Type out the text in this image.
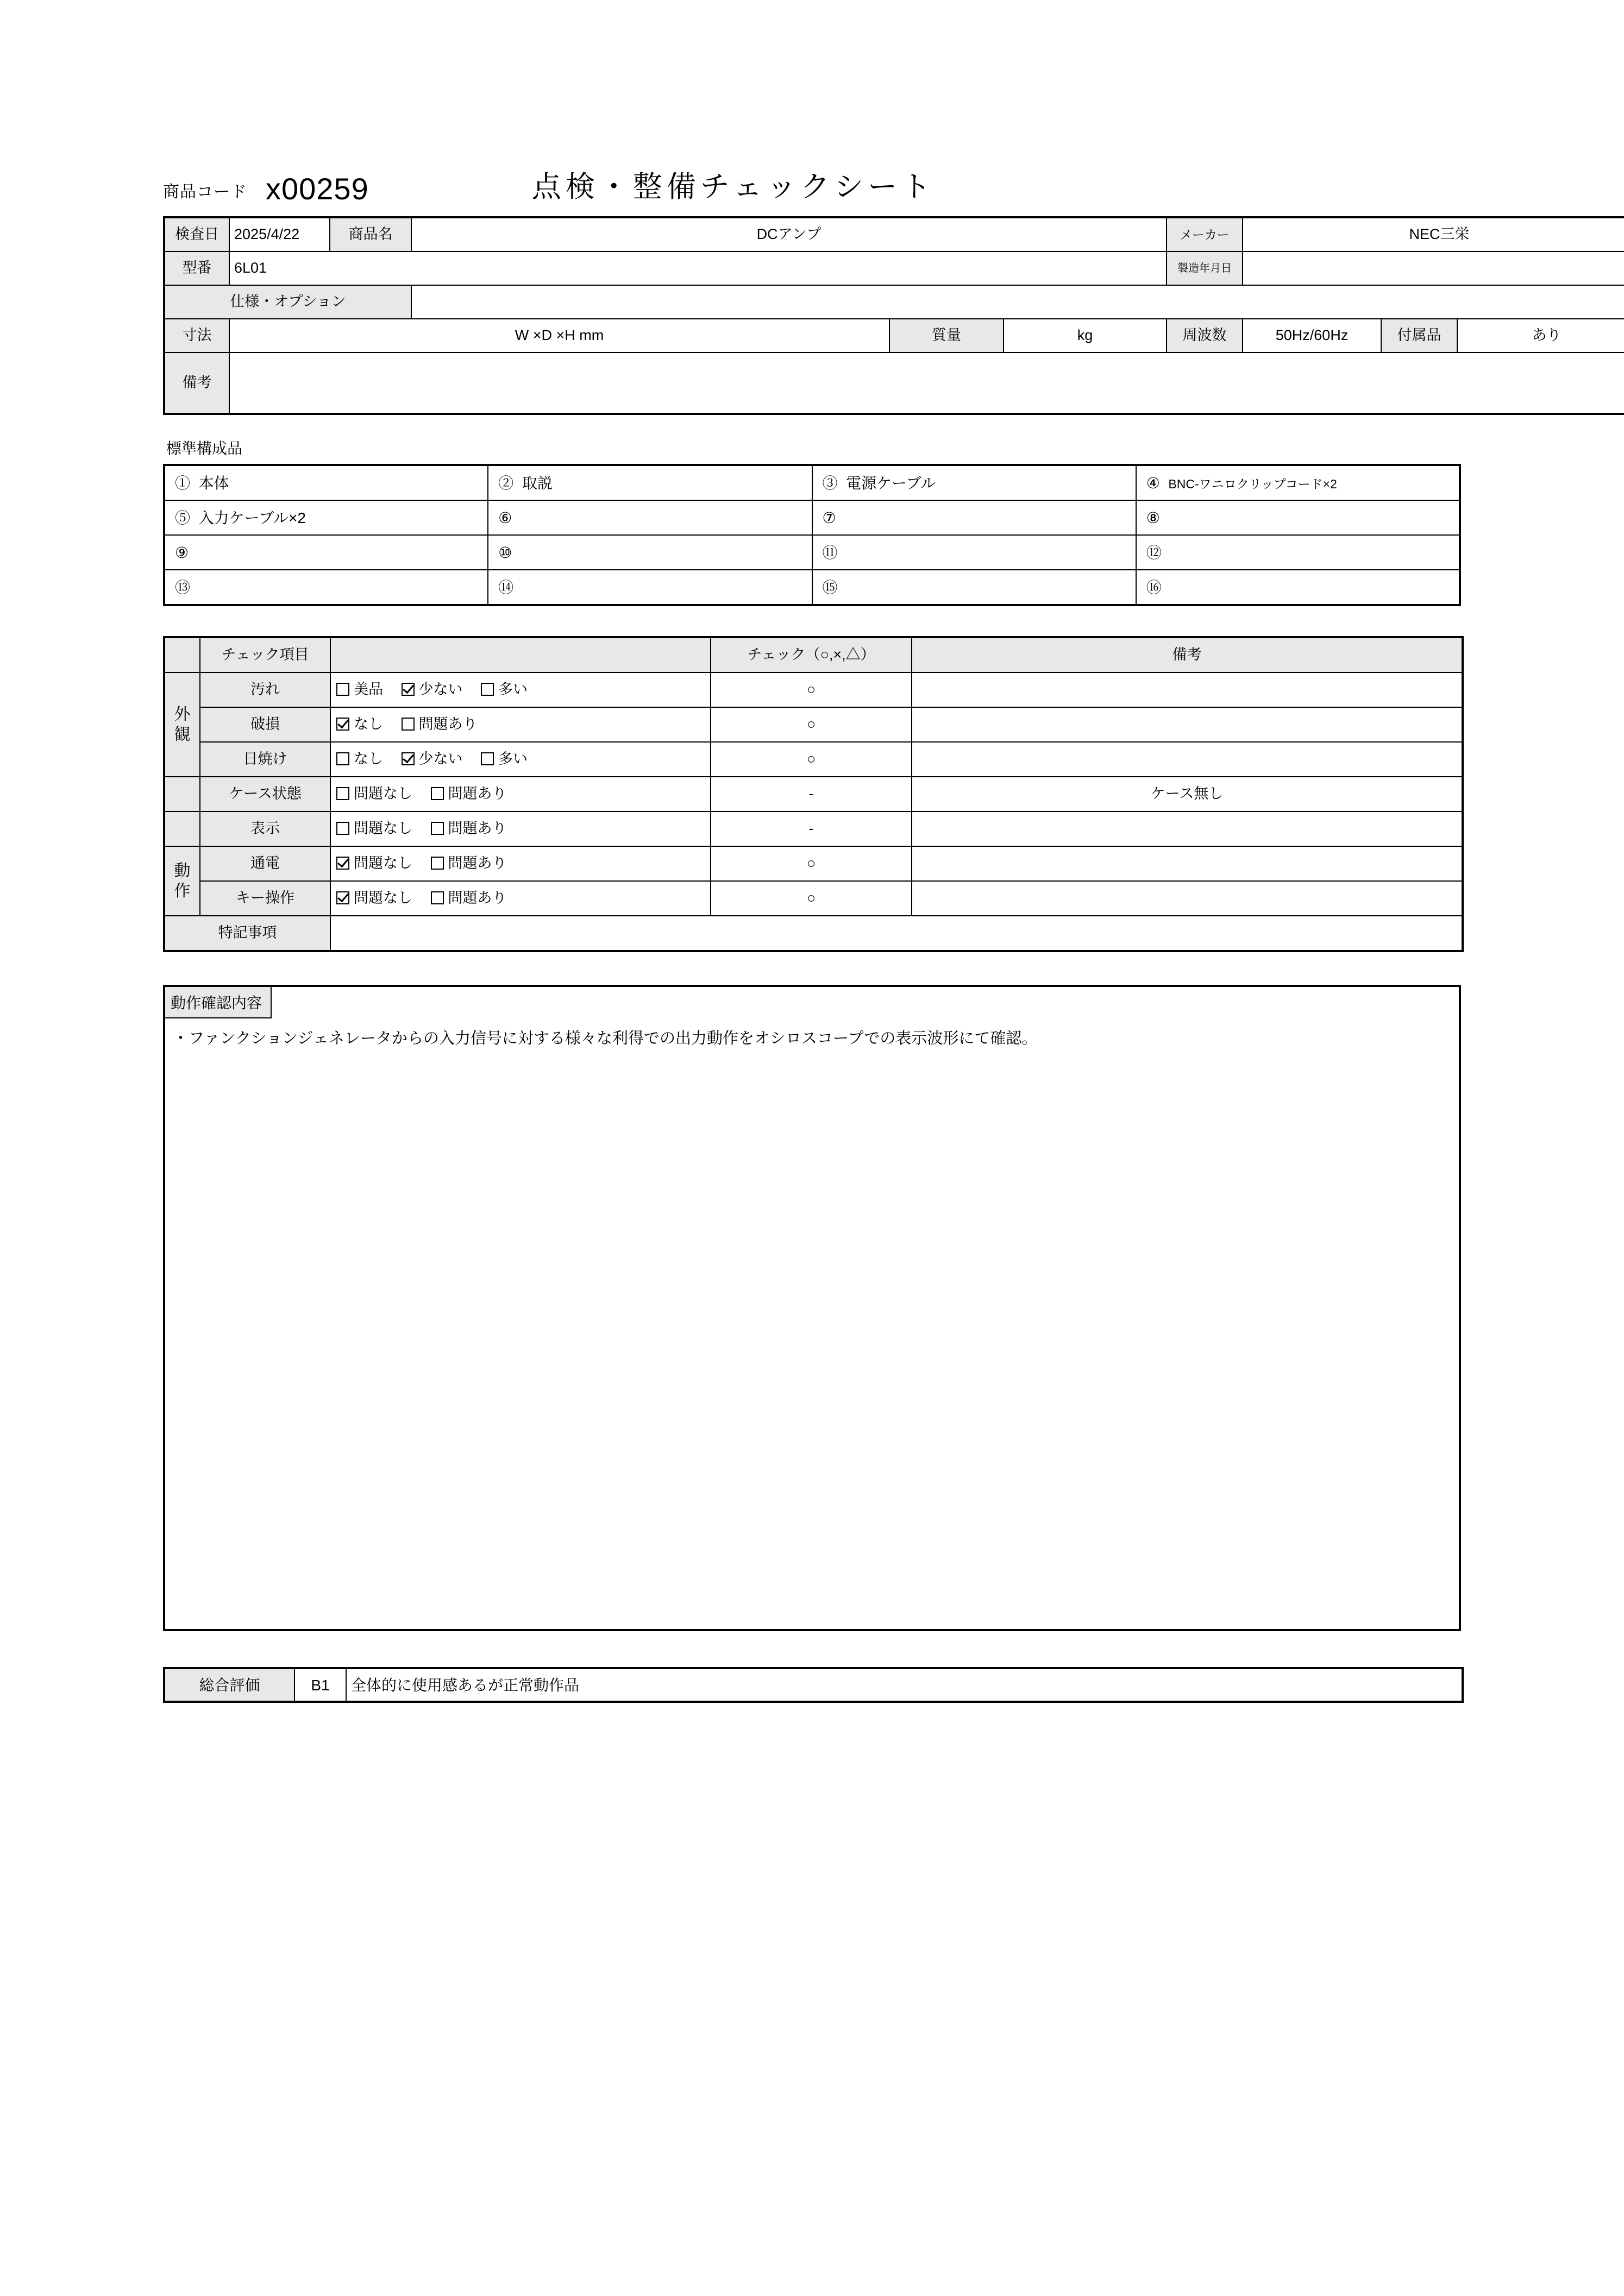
商品コード x00259	点検・整備チェックシート
検査日	2025/4/22	商品名	DCアンプ			メーカー	NEC三栄		
型番	6L01					製造年月日			
仕様・オプション									
寸法	W ×D ×H mm			質量	kg	周波数	50Hz/60Hz	付属品	あり
備考									
標準構成品
① 本体	② 取説	③ 電源ケーブル	④ BNC-ワニロクリップコード×2
⑤ 入力ケーブル×2	⑥	⑦	⑧
⑨	⑩	⑪	⑫
⑬	⑭	⑮	⑯
	チェック項目		チェック（○,×,△）	備考
外観	汚れ	美品 少ない 多い	○	
	破損	なし 問題あり	○	
	日焼け	なし 少ない 多い	○	
	ケース状態	問題なし 問題あり	-	ケース無し
	表示	問題なし 問題あり	-	
動作	通電	問題なし 問題あり	○	
	キー操作	問題なし 問題あり	○	
特記事項				
動作確認内容
・ファンクションジェネレータからの入力信号に対する様々な利得での出力動作をオシロスコープでの表示波形にて確認。
総合評価	B1	全体的に使用感あるが正常動作品
